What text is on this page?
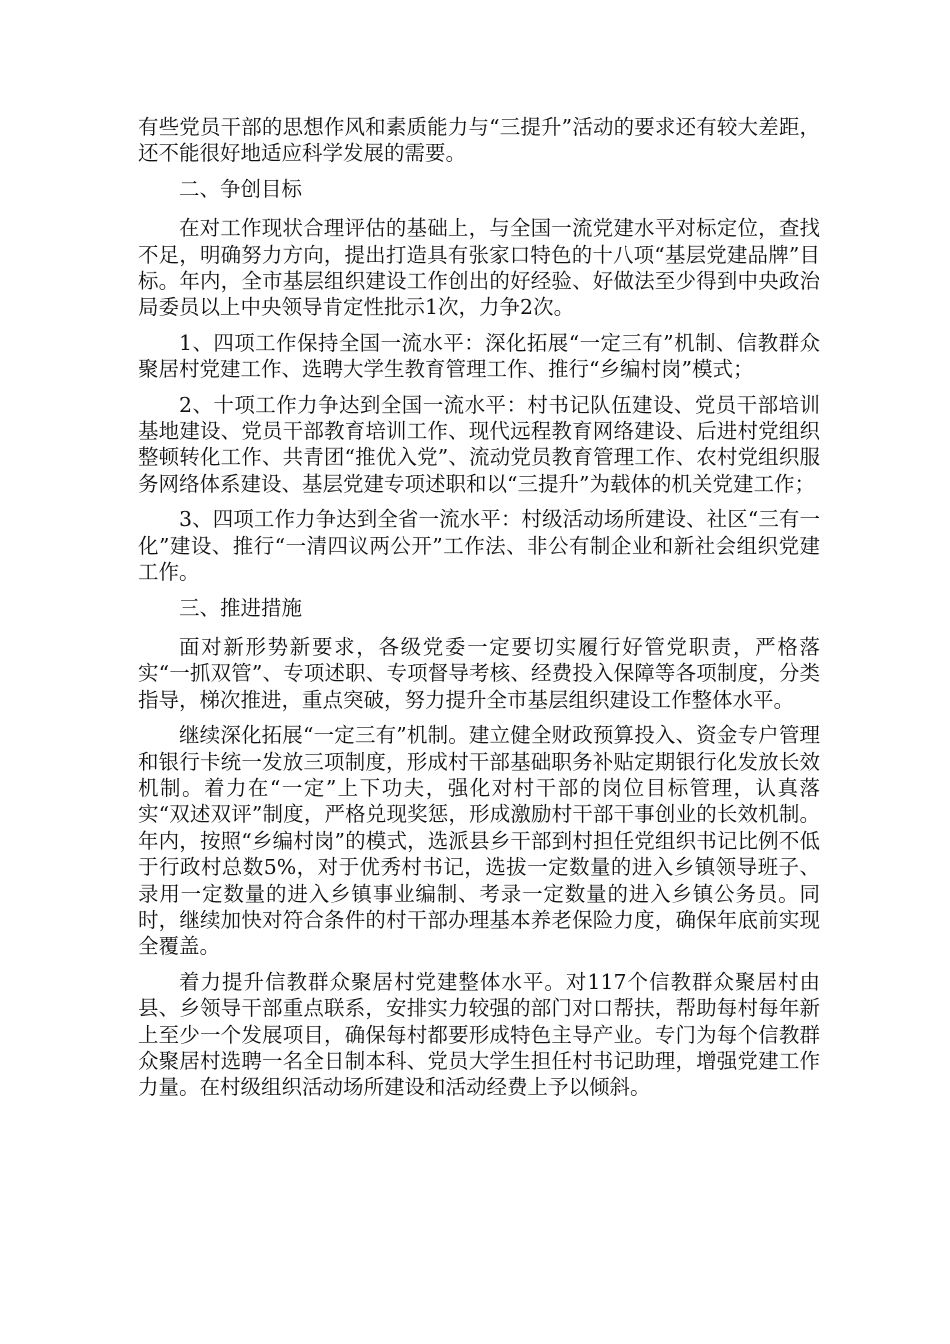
有些党员干部的思想作风和素质能力与“三提升”活动的要求还有较大差距，还不能很好地适应科学发展的需要。

二、争创目标

在对工作现状合理评估的基础上，与全国一流党建水平对标定位，查找不足，明确努力方向，提出打造具有张家口特色的十八项“基层党建品牌”目标。年内，全市基层组织建设工作创出的好经验、好做法至少得到中央政治局委员以上中央领导肯定性批示1次，力争2次。

1、四项工作保持全国一流水平：深化拓展“一定三有”机制、信教群众聚居村党建工作、选聘大学生教育管理工作、推行“乡编村岗”模式；

2、十项工作力争达到全国一流水平：村书记队伍建设、党员干部培训基地建设、党员干部教育培训工作、现代远程教育网络建设、后进村党组织整顿转化工作、共青团“推优入党”、流动党员教育管理工作、农村党组织服务网络体系建设、基层党建专项述职和以“三提升”为载体的机关党建工作；

3、四项工作力争达到全省一流水平：村级活动场所建设、社区“三有一化”建设、推行“一清四议两公开”工作法、非公有制企业和新社会组织党建工作。

三、推进措施

面对新形势新要求，各级党委一定要切实履行好管党职责，严格落实“一抓双管”、专项述职、专项督导考核、经费投入保障等各项制度，分类指导，梯次推进，重点突破，努力提升全市基层组织建设工作整体水平。

继续深化拓展“一定三有”机制。建立健全财政预算投入、资金专户管理和银行卡统一发放三项制度，形成村干部基础职务补贴定期银行化发放长效机制。着力在“一定”上下功夫，强化对村干部的岗位目标管理，认真落实“双述双评”制度，严格兑现奖惩，形成激励村干部干事创业的长效机制。年内，按照“乡编村岗”的模式，选派县乡干部到村担任党组织书记比例不低于行政村总数5%，对于优秀村书记，选拔一定数量的进入乡镇领导班子、录用一定数量的进入乡镇事业编制、考录一定数量的进入乡镇公务员。同时，继续加快对符合条件的村干部办理基本养老保险力度，确保年底前实现全覆盖。

着力提升信教群众聚居村党建整体水平。对117个信教群众聚居村由县、乡领导干部重点联系，安排实力较强的部门对口帮扶，帮助每村每年新上至少一个发展项目，确保每村都要形成特色主导产业。专门为每个信教群众聚居村选聘一名全日制本科、党员大学生担任村书记助理，增强党建工作力量。在村级组织活动场所建设和活动经费上予以倾斜。
